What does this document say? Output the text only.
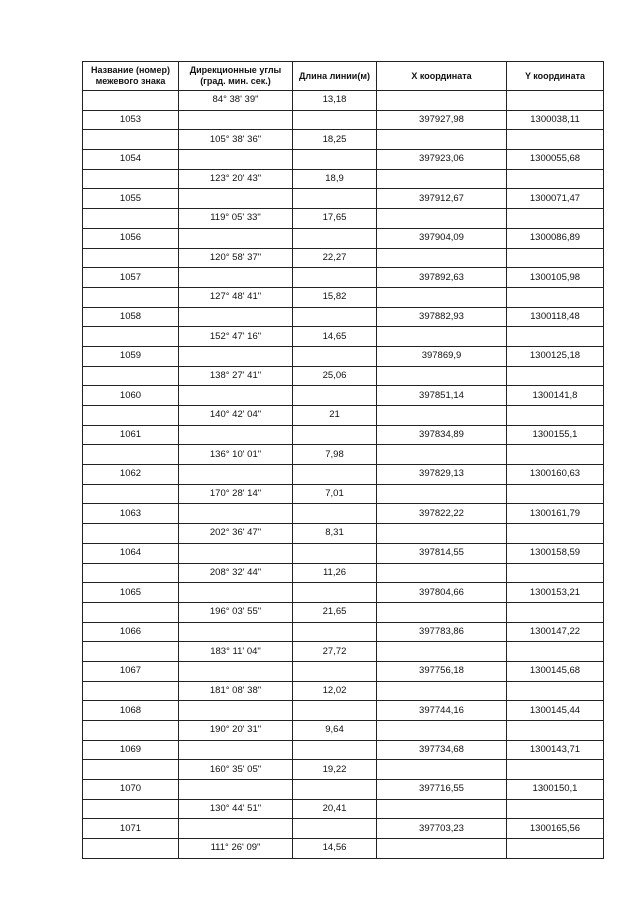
Название (номер) межевого знака	Дирекционные углы (град. мин. сек.)	Длина линии(м)	X координата	Y координата
	84° 38' 39"	13,18		
1053			397927,98	1300038,11
	105° 38' 36"	18,25		
1054			397923,06	1300055,68
	123° 20' 43"	18,9		
1055			397912,67	1300071,47
	119° 05' 33"	17,65		
1056			397904,09	1300086,89
	120° 58' 37"	22,27		
1057			397892,63	1300105,98
	127° 48' 41"	15,82		
1058			397882,93	1300118,48
	152° 47' 16"	14,65		
1059			397869,9	1300125,18
	138° 27' 41"	25,06		
1060			397851,14	1300141,8
	140° 42' 04"	21		
1061			397834,89	1300155,1
	136° 10' 01"	7,98		
1062			397829,13	1300160,63
	170° 28' 14"	7,01		
1063			397822,22	1300161,79
	202° 36' 47"	8,31		
1064			397814,55	1300158,59
	208° 32' 44"	11,26		
1065			397804,66	1300153,21
	196° 03' 55"	21,65		
1066			397783,86	1300147,22
	183° 11' 04"	27,72		
1067			397756,18	1300145,68
	181° 08' 38"	12,02		
1068			397744,16	1300145,44
	190° 20' 31"	9,64		
1069			397734,68	1300143,71
	160° 35' 05"	19,22		
1070			397716,55	1300150,1
	130° 44' 51"	20,41		
1071			397703,23	1300165,56
	111° 26' 09"	14,56		
